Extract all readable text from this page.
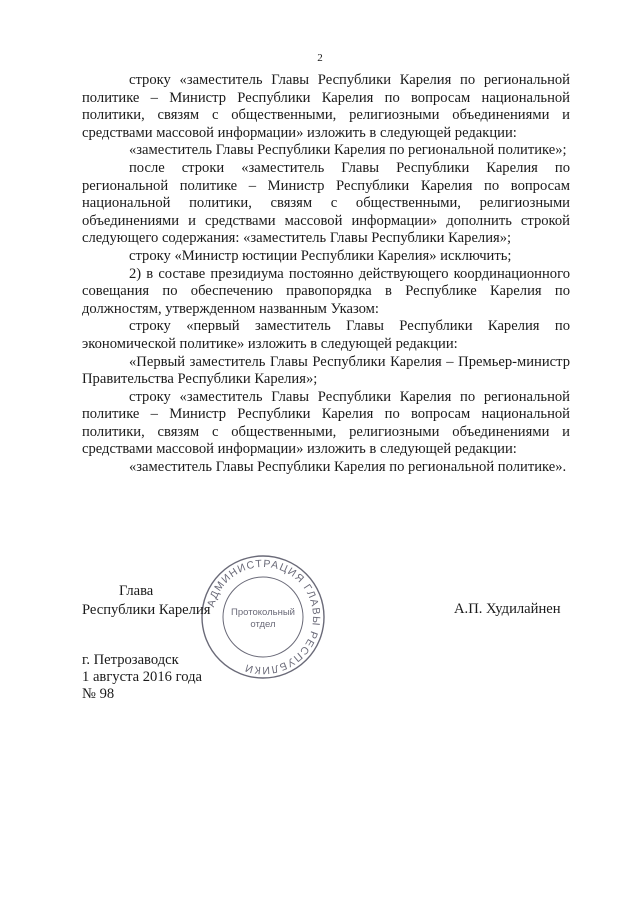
2

строку «заместитель Главы Республики Карелия по региональной политике – Министр Республики Карелия по вопросам национальной политики, связям с общественными, религиозными объединениями и средствами массовой информации» изложить в следующей редакции:

«заместитель Главы Республики Карелия по региональной политике»;

после строки «заместитель Главы Республики Карелия по региональной политике – Министр Республики Карелия по вопросам национальной политики, связям с общественными, религиозными объединениями и средствами массовой информации» дополнить строкой следующего содержания: «заместитель Главы Республики Карелия»;

строку «Министр юстиции Республики Карелия» исключить;

2) в составе президиума постоянно действующего координационного совещания по обеспечению правопорядка в Республике Карелия по должностям, утвержденном названным Указом:

строку «первый заместитель Главы Республики Карелия по экономической политике» изложить в следующей редакции:

«Первый заместитель Главы Республики Карелия – Премьер-министр Правительства Республики Карелия»;

строку «заместитель Главы Республики Карелия по региональной политике – Министр Республики Карелия по вопросам национальной политики, связям с общественными, религиозными объединениями и средствами массовой информации» изложить в следующей редакции:

«заместитель Главы Республики Карелия по региональной политике».

АДМИНИСТРАЦИЯ ГЛАВЫ РЕСПУБЛИКИ
Протокольный
отдел
Глава
Республики Карелия	А.П. Худилайнен
г. Петрозаводск
1 августа 2016 года
№ 98
